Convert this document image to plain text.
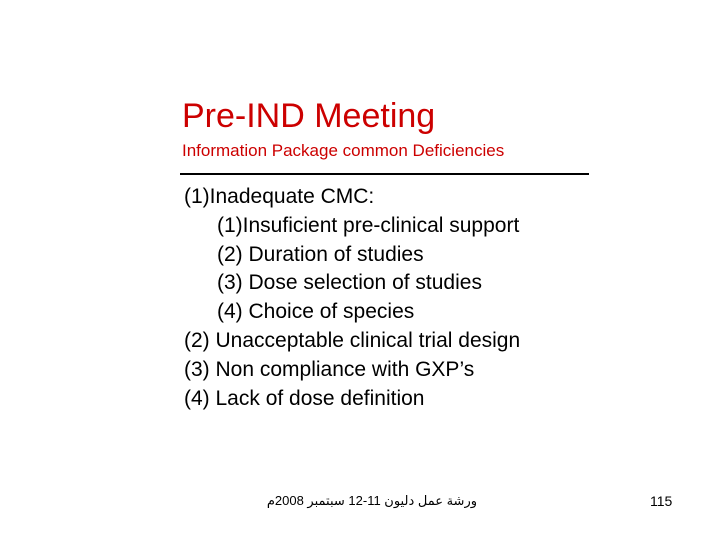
Pre-IND Meeting
Information Package common Deficiencies
(1)Inadequate CMC:
(1)Insuficient pre-clinical support
(2) Duration of studies
(3) Dose selection of studies
(4) Choice of species
(2) Unacceptable clinical trial design
(3) Non compliance with GXP’s
(4) Lack of dose definition
ورشة عمل دليون 11-12 سبتمبر 2008م	115
